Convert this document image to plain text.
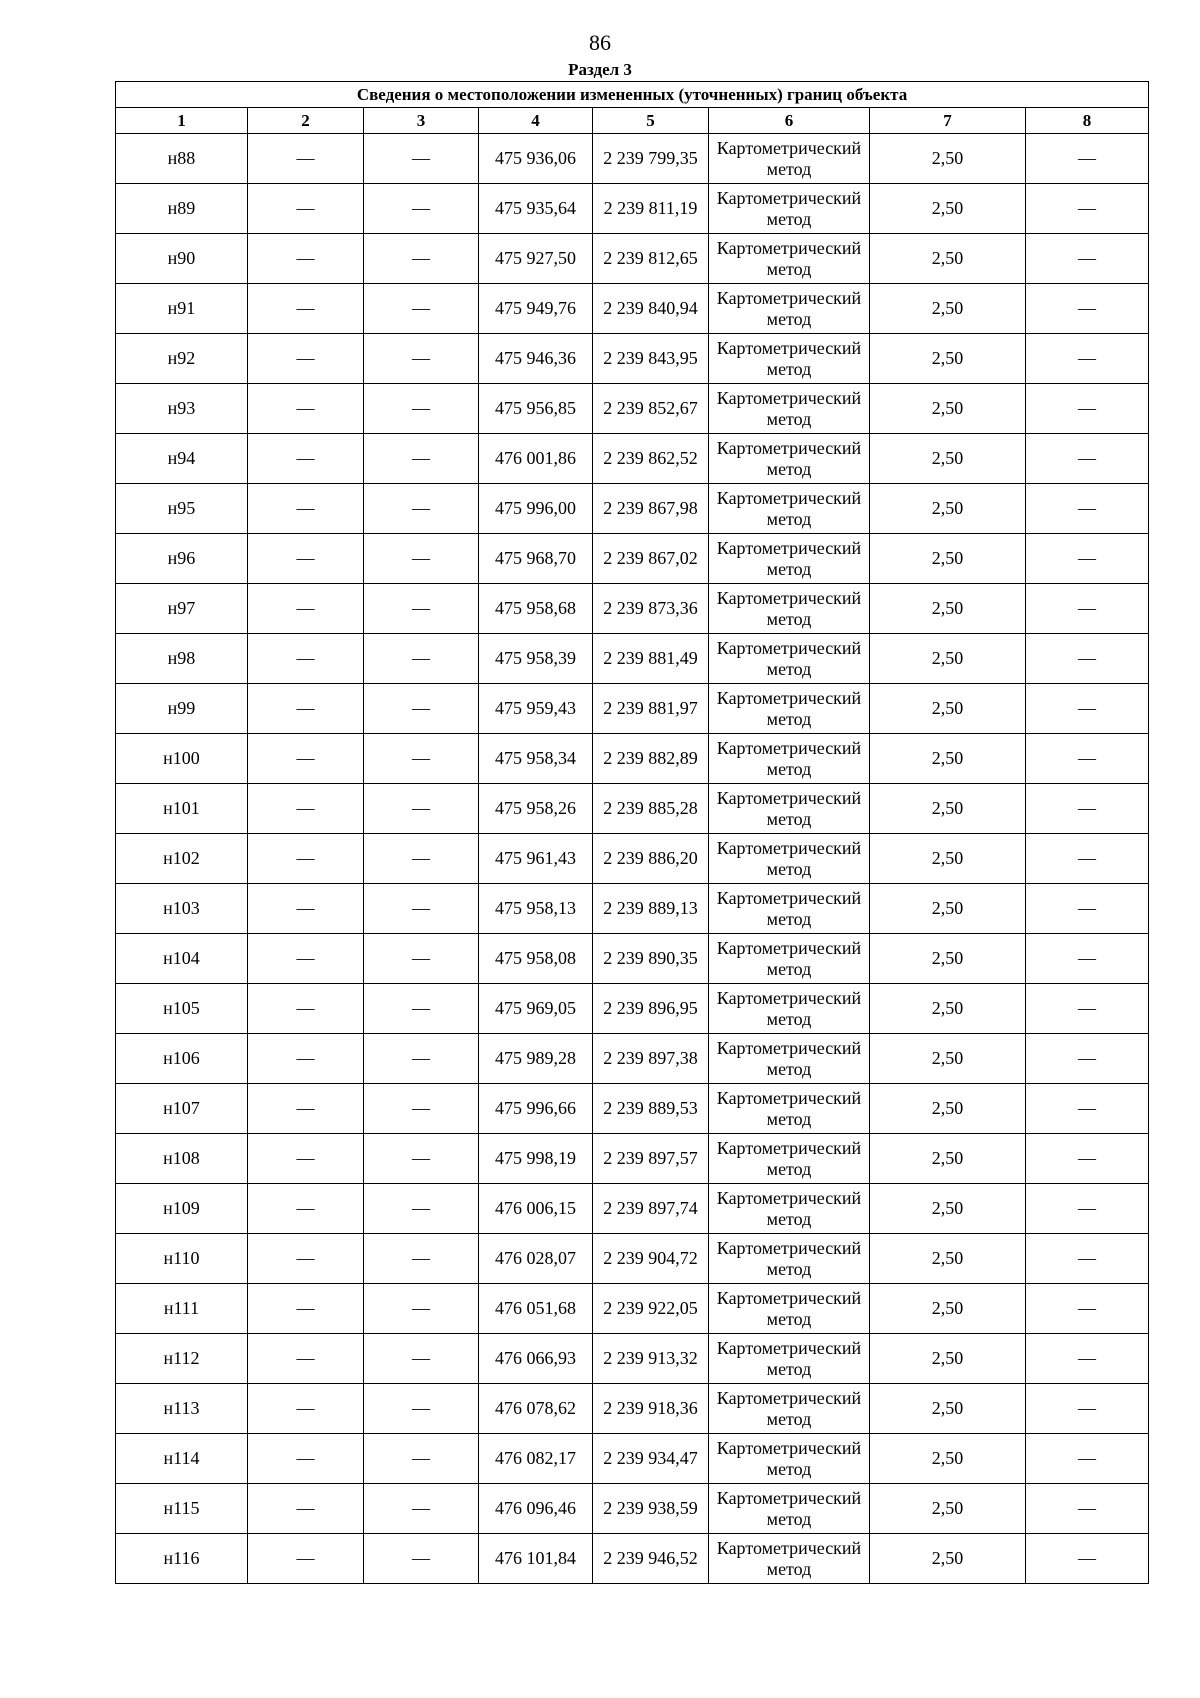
86
Раздел 3
Сведения о местоположении измененных (уточненных) границ объекта							
1	2	3	4	5	6	7	8
н88	—	—	475 936,06	2 239 799,35	Картометрический метод	2,50	—
н89	—	—	475 935,64	2 239 811,19	Картометрический метод	2,50	—
н90	—	—	475 927,50	2 239 812,65	Картометрический метод	2,50	—
н91	—	—	475 949,76	2 239 840,94	Картометрический метод	2,50	—
н92	—	—	475 946,36	2 239 843,95	Картометрический метод	2,50	—
н93	—	—	475 956,85	2 239 852,67	Картометрический метод	2,50	—
н94	—	—	476 001,86	2 239 862,52	Картометрический метод	2,50	—
н95	—	—	475 996,00	2 239 867,98	Картометрический метод	2,50	—
н96	—	—	475 968,70	2 239 867,02	Картометрический метод	2,50	—
н97	—	—	475 958,68	2 239 873,36	Картометрический метод	2,50	—
н98	—	—	475 958,39	2 239 881,49	Картометрический метод	2,50	—
н99	—	—	475 959,43	2 239 881,97	Картометрический метод	2,50	—
н100	—	—	475 958,34	2 239 882,89	Картометрический метод	2,50	—
н101	—	—	475 958,26	2 239 885,28	Картометрический метод	2,50	—
н102	—	—	475 961,43	2 239 886,20	Картометрический метод	2,50	—
н103	—	—	475 958,13	2 239 889,13	Картометрический метод	2,50	—
н104	—	—	475 958,08	2 239 890,35	Картометрический метод	2,50	—
н105	—	—	475 969,05	2 239 896,95	Картометрический метод	2,50	—
н106	—	—	475 989,28	2 239 897,38	Картометрический метод	2,50	—
н107	—	—	475 996,66	2 239 889,53	Картометрический метод	2,50	—
н108	—	—	475 998,19	2 239 897,57	Картометрический метод	2,50	—
н109	—	—	476 006,15	2 239 897,74	Картометрический метод	2,50	—
н110	—	—	476 028,07	2 239 904,72	Картометрический метод	2,50	—
н111	—	—	476 051,68	2 239 922,05	Картометрический метод	2,50	—
н112	—	—	476 066,93	2 239 913,32	Картометрический метод	2,50	—
н113	—	—	476 078,62	2 239 918,36	Картометрический метод	2,50	—
н114	—	—	476 082,17	2 239 934,47	Картометрический метод	2,50	—
н115	—	—	476 096,46	2 239 938,59	Картометрический метод	2,50	—
н116	—	—	476 101,84	2 239 946,52	Картометрический метод	2,50	—
